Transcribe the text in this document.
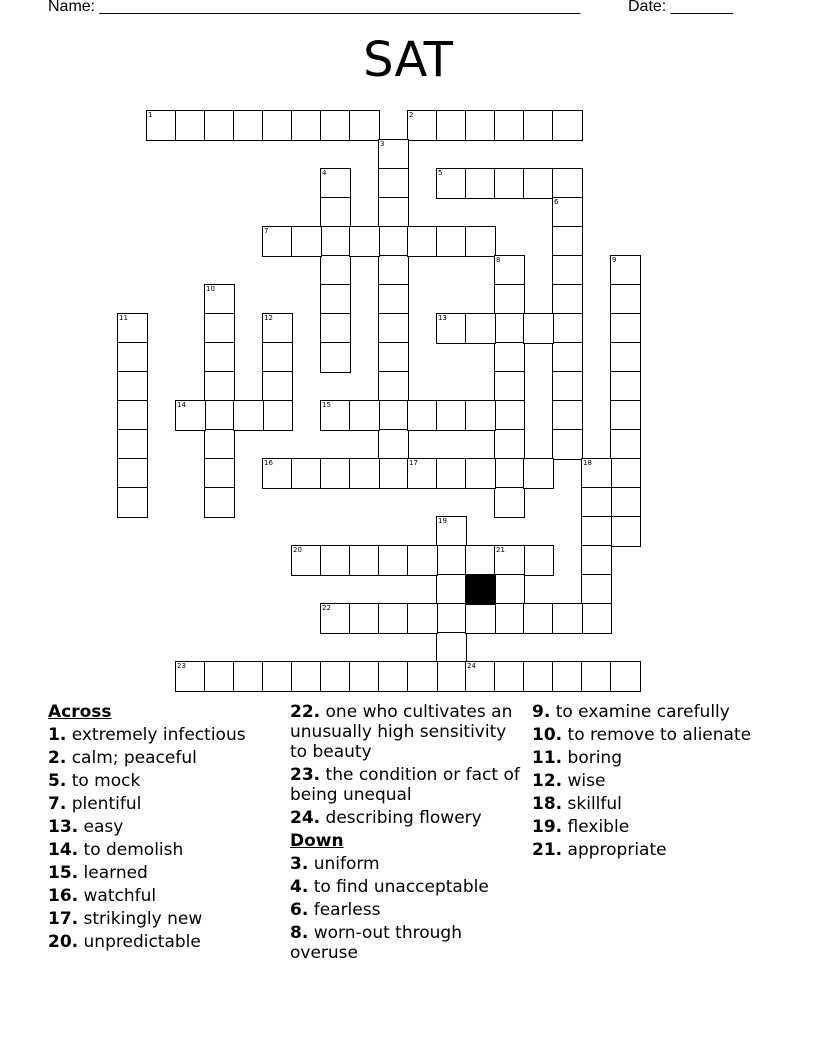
Name: ______________________________________________________	Date: _______
SAT
1	2
3
4	5
6
7
8	9
10
11	12	13
14	15
16	17	18
19
20	21
22
23	24
Across
1. extremely infectious
2. calm; peaceful
5. to mock
7. plentiful
13. easy
14. to demolish
15. learned
16. watchful
17. strikingly new
20. unpredictable
22. one who cultivates an unusually high sensitivity to beauty
23. the condition or fact of being unequal
24. describing flowery
Down
3. uniform
4. to find unacceptable
6. fearless
8. worn-out through overuse
9. to examine carefully
10. to remove to alienate
11. boring
12. wise
18. skillful
19. flexible
21. appropriate
